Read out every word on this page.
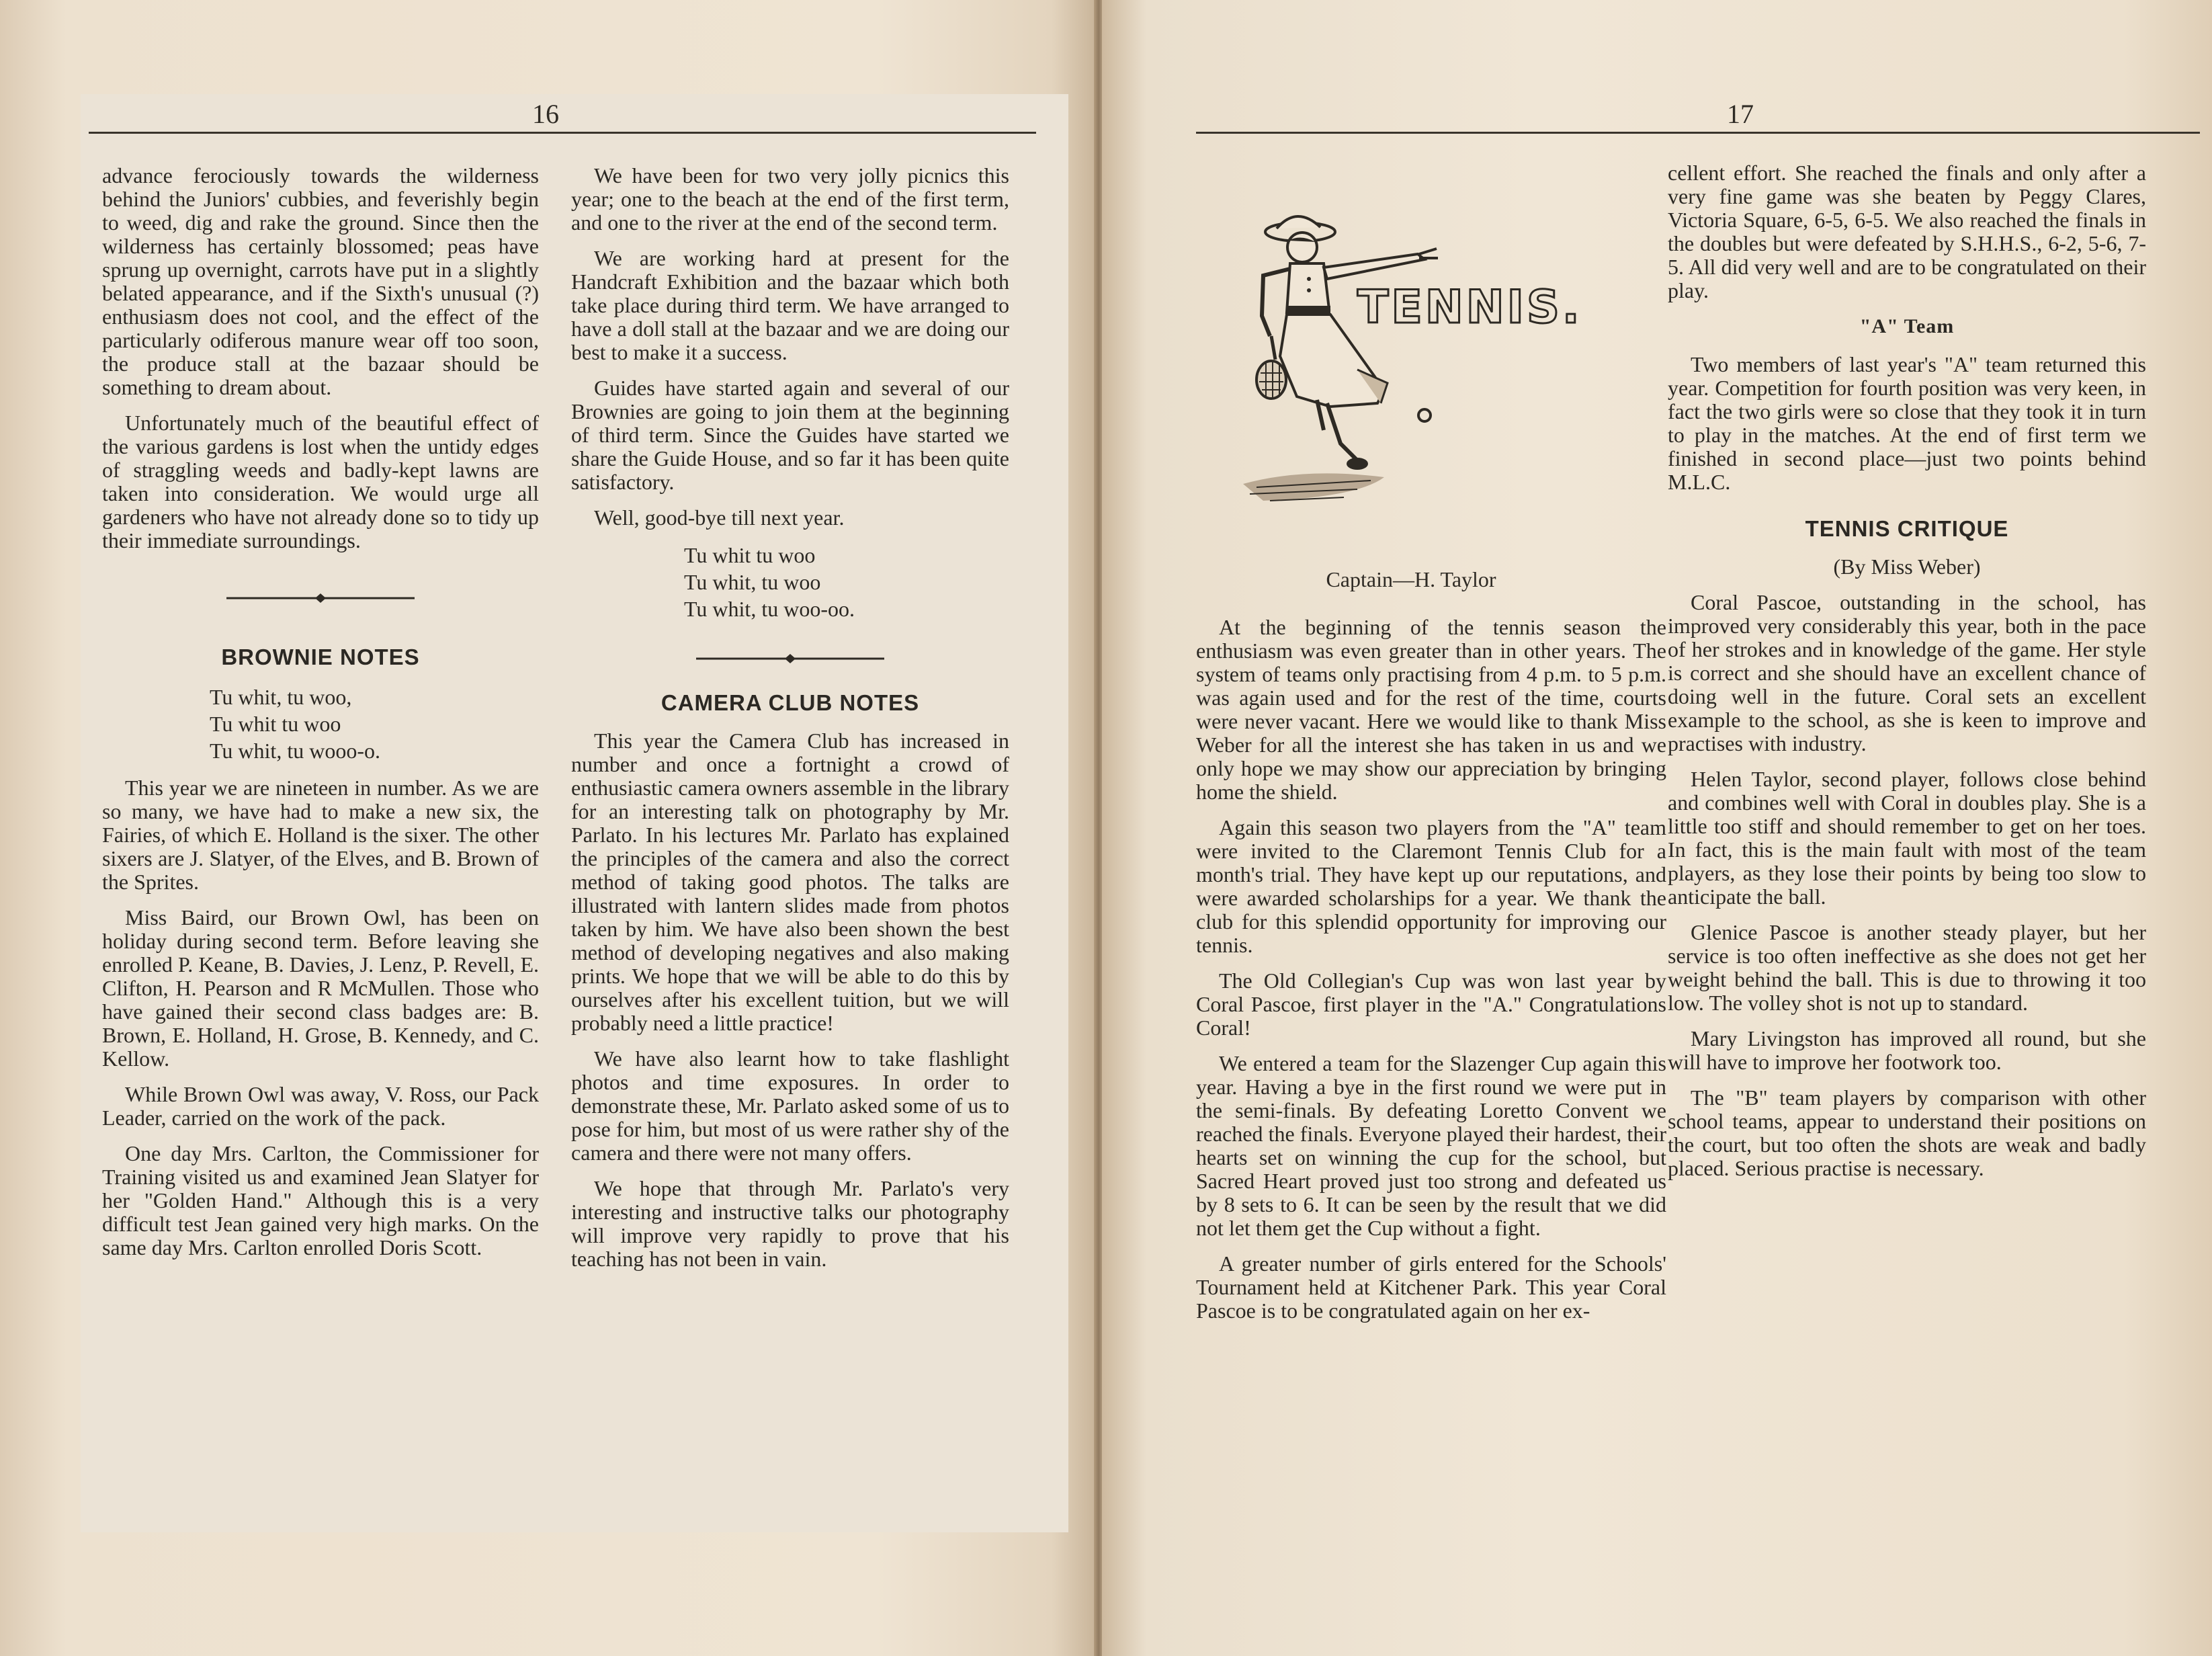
16

advance ferociously towards the wilderness behind the Juniors' cubbies, and feverishly begin to weed, dig and rake the ground. Since then the wilderness has certainly blossomed; peas have sprung up overnight, carrots have put in a slightly belated appearance, and if the Sixth's unusual (?) enthusiasm does not cool, and the effect of the particularly odiferous manure wear off too soon, the produce stall at the bazaar should be something to dream about.

Unfortunately much of the beautiful effect of the various gardens is lost when the untidy edges of straggling weeds and badly-kept lawns are taken into consideration. We would urge all gardeners who have not already done so to tidy up their immediate surroundings.

BROWNIE NOTES
Tu whit, tu woo,
Tu whit tu woo
Tu whit, tu wooo-o.

This year we are nineteen in number. As we are so many, we have had to make a new six, the Fairies, of which E. Holland is the sixer. The other sixers are J. Slatyer, of the Elves, and B. Brown of the Sprites.

Miss Baird, our Brown Owl, has been on holiday during second term. Before leaving she enrolled P. Keane, B. Davies, J. Lenz, P. Revell, E. Clifton, H. Pearson and R McMullen. Those who have gained their second class badges are: B. Brown, E. Holland, H. Grose, B. Kennedy, and C. Kellow.

While Brown Owl was away, V. Ross, our Pack Leader, carried on the work of the pack.

One day Mrs. Carlton, the Commissioner for Training visited us and examined Jean Slatyer for her "Golden Hand." Although this is a very difficult test Jean gained very high marks. On the same day Mrs. Carlton enrolled Doris Scott.

We have been for two very jolly picnics this year; one to the beach at the end of the first term, and one to the river at the end of the second term.

We are working hard at present for the Handcraft Exhibition and the bazaar which both take place during third term. We have arranged to have a doll stall at the bazaar and we are doing our best to make it a success.

Guides have started again and several of our Brownies are going to join them at the beginning of third term. Since the Guides have started we share the Guide House, and so far it has been quite satisfactory.

Well, good-bye till next year.

Tu whit tu woo
Tu whit, tu woo
Tu whit, tu woo-oo.
CAMERA CLUB NOTES

This year the Camera Club has increased in number and once a fortnight a crowd of enthusiastic camera owners assemble in the library for an interesting talk on photography by Mr. Parlato. In his lectures Mr. Parlato has explained the principles of the camera and also the correct method of taking good photos. The talks are illustrated with lantern slides made from photos taken by him. We have also been shown the best method of developing negatives and also making prints. We hope that we will be able to do this by ourselves after his excellent tuition, but we will probably need a little practice!

We have also learnt how to take flashlight photos and time exposures. In order to demonstrate these, Mr. Parlato asked some of us to pose for him, but most of us were rather shy of the camera and there were not many offers.

We hope that through Mr. Parlato's very interesting and instructive talks our photography will improve very rapidly to prove that his teaching has not been in vain.

17
TENNIS.
Captain—H. Taylor

At the beginning of the tennis season the enthusiasm was even greater than in other years. The system of teams only practising from 4 p.m. to 5 p.m. was again used and for the rest of the time, courts were never vacant. Here we would like to thank Miss Weber for all the interest she has taken in us and we only hope we may show our appreciation by bringing home the shield.

Again this season two players from the "A" team were invited to the Claremont Tennis Club for a month's trial. They have kept up our reputations, and were awarded scholarships for a year. We thank the club for this splendid opportunity for improving our tennis.

The Old Collegian's Cup was won last year by Coral Pascoe, first player in the "A." Congratulations Coral!

We entered a team for the Slazenger Cup again this year. Having a bye in the first round we were put in the semi-finals. By defeating Loretto Convent we reached the finals. Everyone played their hardest, their hearts set on winning the cup for the school, but Sacred Heart proved just too strong and defeated us by 8 sets to 6. It can be seen by the result that we did not let them get the Cup without a fight.

A greater number of girls entered for the Schools' Tournament held at Kitchener Park. This year Coral Pascoe is to be congratulated again on her ex-

cellent effort. She reached the finals and only after a very fine game was she beaten by Peggy Clares, Victoria Square, 6-5, 6-5. We also reached the finals in the doubles but were defeated by S.H.H.S., 6-2, 5-6, 7-5. All did very well and are to be congratulated on their play.

"A" Team

Two members of last year's "A" team returned this year. Competition for fourth position was very keen, in fact the two girls were so close that they took it in turn to play in the matches. At the end of first term we finished in second place—just two points behind M.L.C.

TENNIS CRITIQUE
(By Miss Weber)

Coral Pascoe, outstanding in the school, has improved very considerably this year, both in the pace of her strokes and in knowledge of the game. Her style is correct and she should have an excellent chance of doing well in the future. Coral sets an excellent example to the school, as she is keen to improve and practises with industry.

Helen Taylor, second player, follows close behind and combines well with Coral in doubles play. She is a little too stiff and should remember to get on her toes. In fact, this is the main fault with most of the team players, as they lose their points by being too slow to anticipate the ball.

Glenice Pascoe is another steady player, but her service is too often ineffective as she does not get her weight behind the ball. This is due to throwing it too low. The volley shot is not up to standard.

Mary Livingston has improved all round, but she will have to improve her footwork too.

The "B" team players by comparison with other school teams, appear to understand their positions on the court, but too often the shots are weak and badly placed. Serious practise is necessary.
